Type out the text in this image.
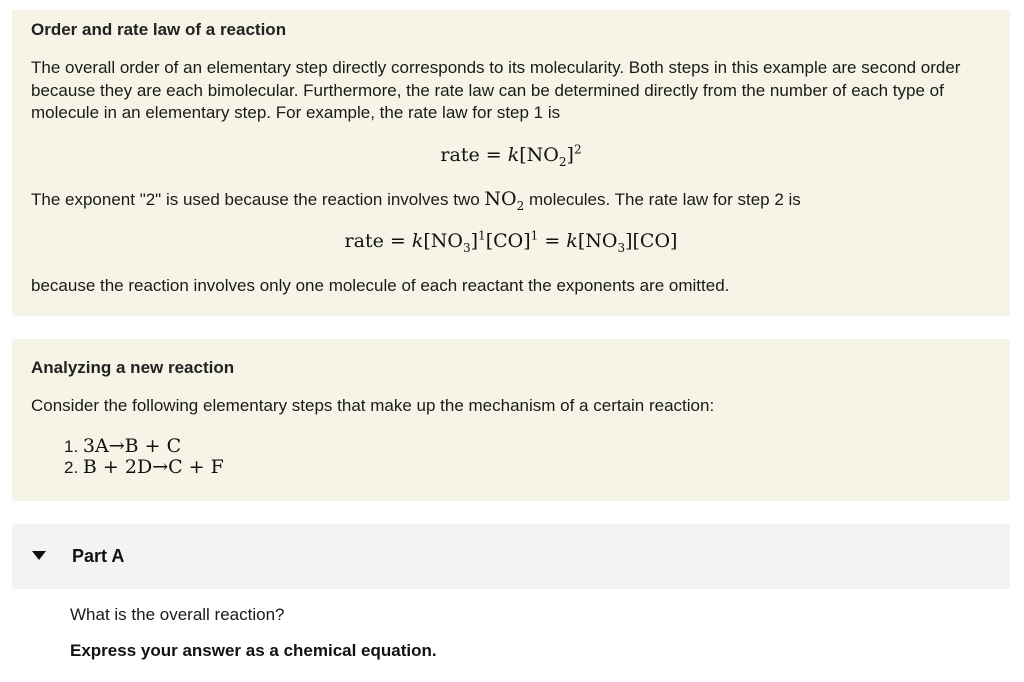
Order and rate law of a reaction
The overall order of an elementary step directly corresponds to its molecularity. Both steps in this example are second order because they are each bimolecular. Furthermore, the rate law can be determined directly from the number of each type of molecule in an elementary step. For example, the rate law for step 1 is
rate = $k[NO_2]^2$
The exponent "2" is used because the reaction involves two $NO_2$ molecules. The rate law for step 2 is
rate = $k[NO_3]^1[CO]^1 = k[NO_3][CO]$
because the reaction involves only one molecule of each reactant the exponents are omitted.
Analyzing a new reaction
Consider the following elementary steps that make up the mechanism of a certain reaction:
1. 3A→B + C
2. B + 2D→C + F
Part A
What is the overall reaction?
Express your answer as a chemical equation.
